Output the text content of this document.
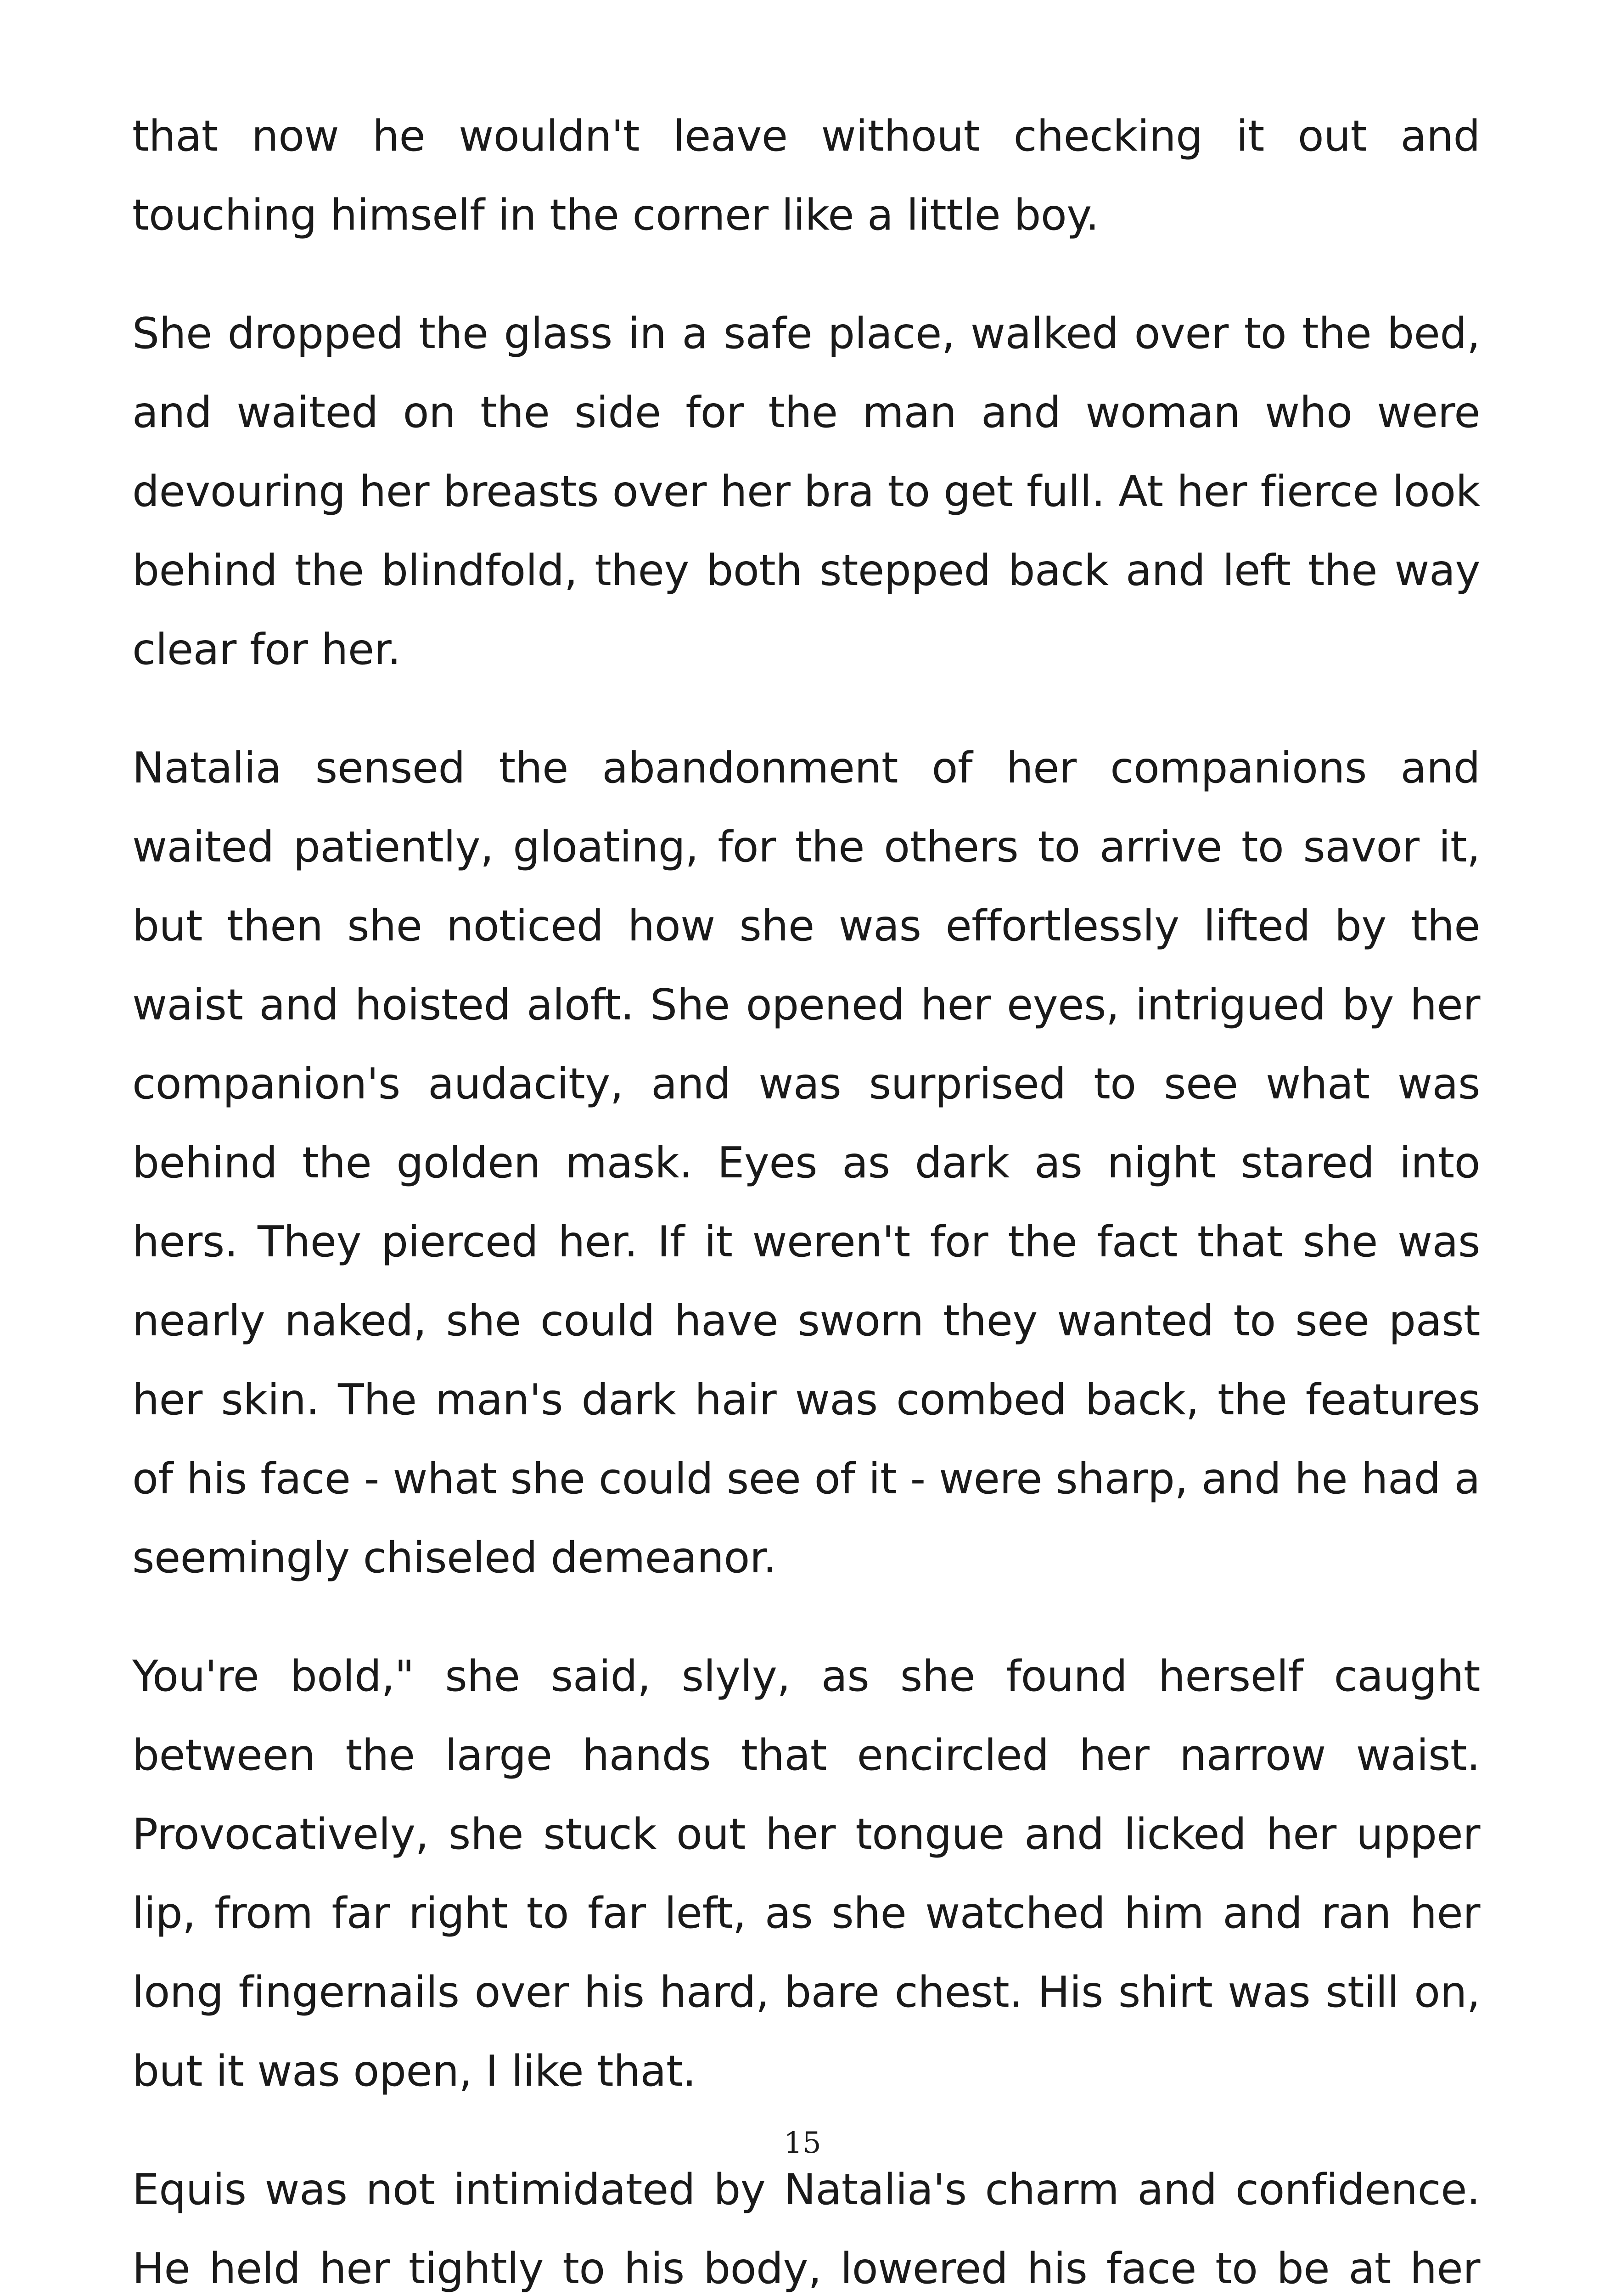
that now he wouldn't leave without checking it out and touching himself in the corner like a little boy.

She dropped the glass in a safe place, walked over to the bed, and waited on the side for the man and woman who were devouring her breasts over her bra to get full. At her fierce look behind the blindfold, they both stepped back and left the way clear for her.

Natalia sensed the abandonment of her companions and waited patiently, gloating, for the others to arrive to savor it, but then she noticed how she was effortlessly lifted by the waist and hoisted aloft. She opened her eyes, intrigued by her companion's audacity, and was surprised to see what was behind the golden mask. Eyes as dark as night stared into hers. They pierced her. If it weren't for the fact that she was nearly naked, she could have sworn they wanted to see past her skin. The man's dark hair was combed back, the features of his face - what she could see of it - were sharp, and he had a seemingly chiseled demeanor.

You're bold," she said, slyly, as she found herself caught between the large hands that encircled her narrow waist. Provocatively, she stuck out her tongue and licked her upper lip, from far right to far left, as she watched him and ran her long fingernails over his hard, bare chest. His shirt was still on, but it was open, I like that.

Equis was not intimidated by Natalia's charm and confidence. He held her tightly to his body, lowered his face to be at her

15
